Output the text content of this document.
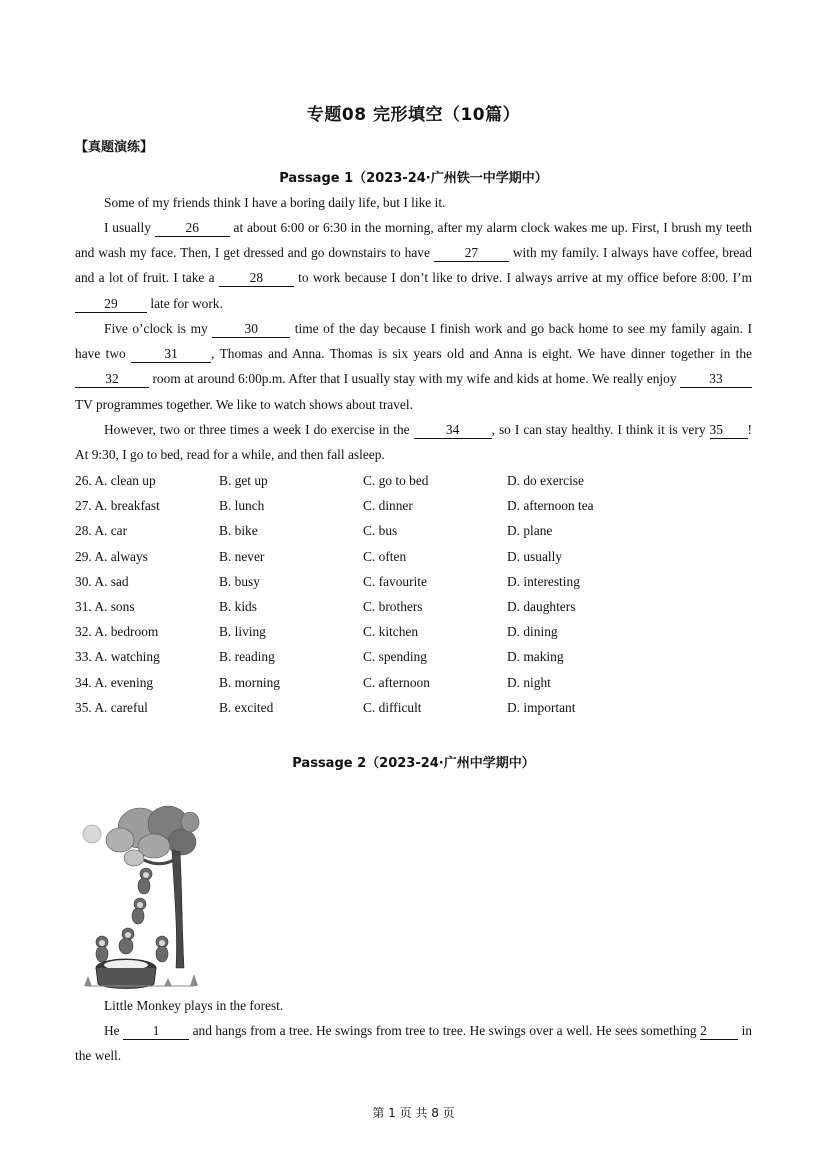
专题08 完形填空（10篇）
【真题演练】
Passage 1（2023-24·广州铁一中学期中）
Some of my friends think I have a boring daily life, but I like it.
I usually 26 at about 6:00 or 6:30 in the morning, after my alarm clock wakes me up. First, I brush my teeth and wash my face. Then, I get dressed and go downstairs to have 27 with my family. I always have coffee, bread and a lot of fruit. I take a 28 to work because I don’t like to drive. I always arrive at my office before 8:00. I’m 29 late for work.
Five o’clock is my 30 time of the day because I finish work and go back home to see my family again. I have two 31 , Thomas and Anna. Thomas is six years old and Anna is eight. We have dinner together in the 32 room at around 6:00p.m. After that I usually stay with my wife and kids at home. We really enjoy 33 TV programmes together. We like to watch shows about travel.
However, two or three times a week I do exercise in the 34 , so I can stay healthy. I think it is very 35 ! At 9:30, I go to bed, read for a while, and then fall asleep.
26. A. clean up	B. get up	C. go to bed	D. do exercise
27. A. breakfast	B. lunch	C. dinner	D. afternoon tea
28. A. car	B. bike	C. bus	D. plane
29. A. always	B. never	C. often	D. usually
30. A. sad	B. busy	C. favourite	D. interesting
31. A. sons	B. kids	C. brothers	D. daughters
32. A. bedroom	B. living	C. kitchen	D. dining
33. A. watching	B. reading	C. spending	D. making
34. A. evening	B. morning	C. afternoon	D. night
35. A. careful	B. excited	C. difficult	D. important
Passage 2（2023-24·广州中学期中）
Little Monkey plays in the forest.
He 1 and hangs from a tree. He swings from tree to tree. He swings over a well. He sees something 2 in the well.
第 1 页 共 8 页
